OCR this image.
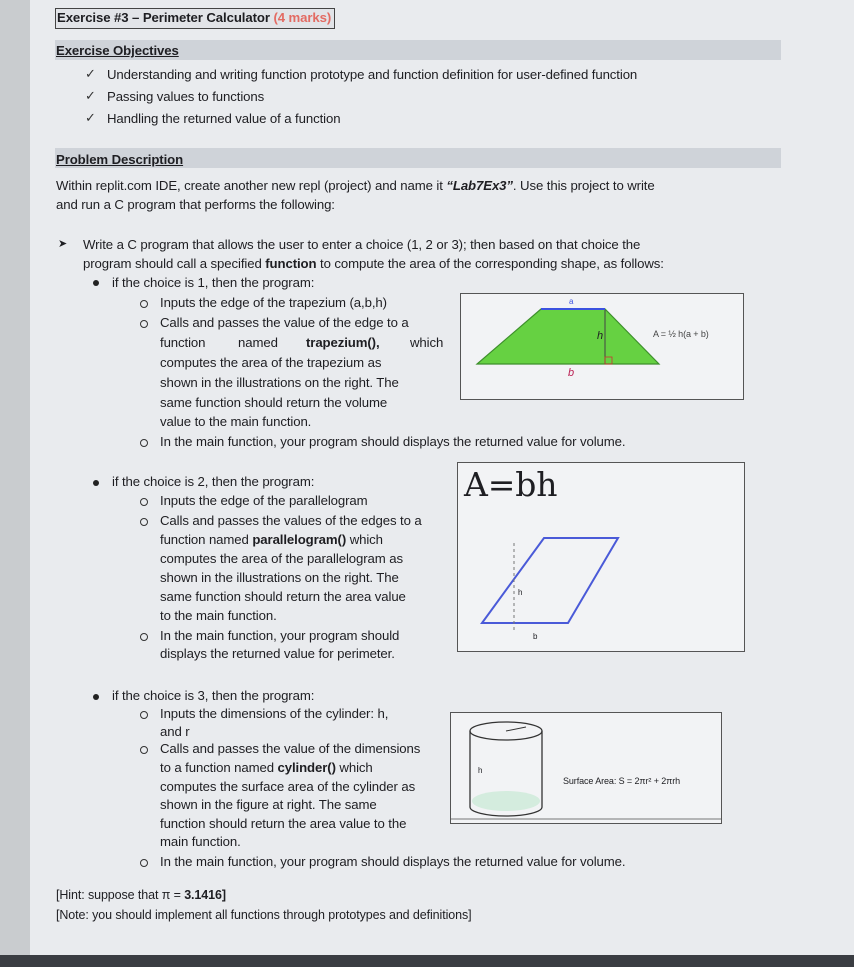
Exercise #3 – Perimeter Calculator (4 marks)
Exercise Objectives
✓ Understanding and writing function prototype and function definition for user-defined function
✓ Passing values to functions
✓ Handling the returned value of a function
Problem Description
Within replit.com IDE, create another new repl (project) and name it “Lab7Ex3”. Use this project to write
and run a C program that performs the following:
➤ Write a C program that allows the user to enter a choice (1, 2 or 3); then based on that choice the
program should call a specified function to compute the area of the corresponding shape, as follows:
if the choice is 1, then the program:
Inputs the edge of the trapezium (a,b,h)
Calls and passes the value of the edge to a
function named trapezium(), which
computes the area of the trapezium as
shown in the illustrations on the right. The
same function should return the volume
value to the main function.
In the main function, your program should displays the returned value for volume.
a
h
b
A = ½ h(a + b)
if the choice is 2, then the program:
Inputs the edge of the parallelogram
Calls and passes the values of the edges to a
function named parallelogram() which
computes the area of the parallelogram as
shown in the illustrations on the right. The
same function should return the area value
to the main function.
In the main function, your program should
displays the returned value for perimeter.
A=bh
h
b
if the choice is 3, then the program:
Inputs the dimensions of the cylinder: h,
and r
Calls and passes the value of the dimensions
to a function named cylinder() which
computes the surface area of the cylinder as
shown in the figure at right. The same
function should return the area value to the
main function.
In the main function, your program should displays the returned value for volume.
h
Surface Area: S = 2πr² + 2πrh
[Hint: suppose that π = 3.1416]
[Note: you should implement all functions through prototypes and definitions]
